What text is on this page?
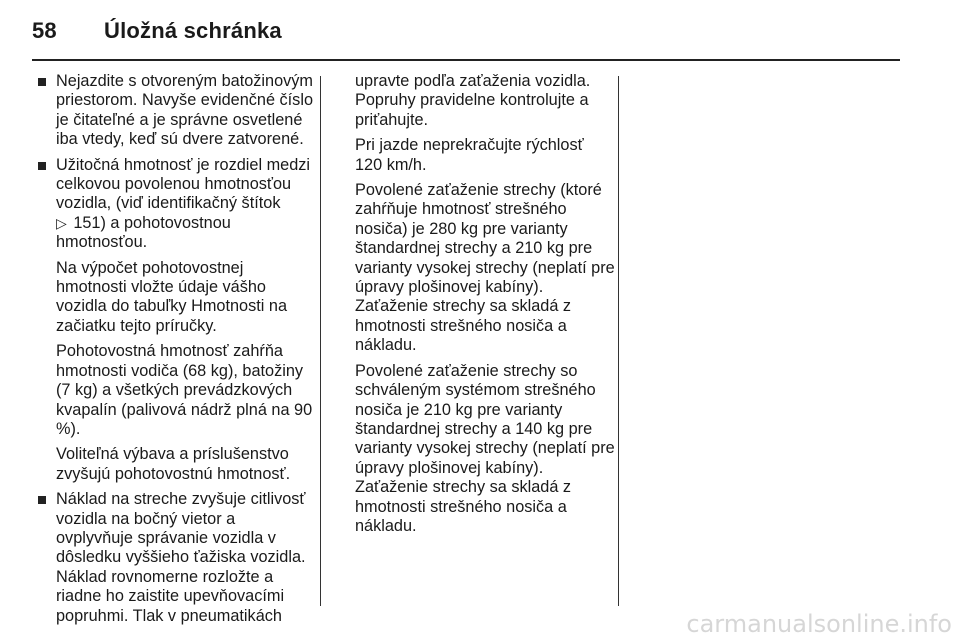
58 Úložná schránka
Nejazdite s otvoreným batožinovým priestorom. Navyše evidenčné číslo je čitateľné a je správne osvetlené iba vtedy, keď sú dvere zatvorené.
Užitočná hmotnosť je rozdiel medzi celkovou povolenou hmotnosťou vozidla, (viď identifikačný štítok
▷ 151) a pohotovostnou hmotnosťou.

Na výpočet pohotovostnej hmotnosti vložte údaje vášho vozidla do tabuľky Hmotnosti na začiatku tejto príručky.

Pohotovostná hmotnosť zahŕňa hmotnosti vodiča (68 kg), batožiny (7 kg) a všetkých prevádzkových kvapalín (palivová nádrž plná na 90 %).

Voliteľná výbava a príslušenstvo zvyšujú pohotovostnú hmotnosť.

Náklad na streche zvyšuje citlivosť vozidla na bočný vietor a ovplyvňuje správanie vozidla v dôsledku vyššieho ťažiska vozidla. Náklad rovnomerne rozložte a riadne ho zaistite upevňovacími popruhmi. Tlak v pneumatikách

upravte podľa zaťaženia vozidla. Popruhy pravidelne kontrolujte a priťahujte.

Pri jazde neprekračujte rýchlosť 120 km/h.

Povolené zaťaženie strechy (ktoré zahŕňuje hmotnosť strešného nosiča) je 280 kg pre varianty štandardnej strechy a 210 kg pre varianty vysokej strechy (neplatí pre úpravy plošinovej kabíny). Zaťaženie strechy sa skladá z hmotnosti strešného nosiča a nákladu.

Povolené zaťaženie strechy so schváleným systémom strešného nosiča je 210 kg pre varianty štandardnej strechy a 140 kg pre varianty vysokej strechy (neplatí pre úpravy plošinovej kabíny). Zaťaženie strechy sa skladá z hmotnosti strešného nosiča a nákladu.

carmanualsonline.info
